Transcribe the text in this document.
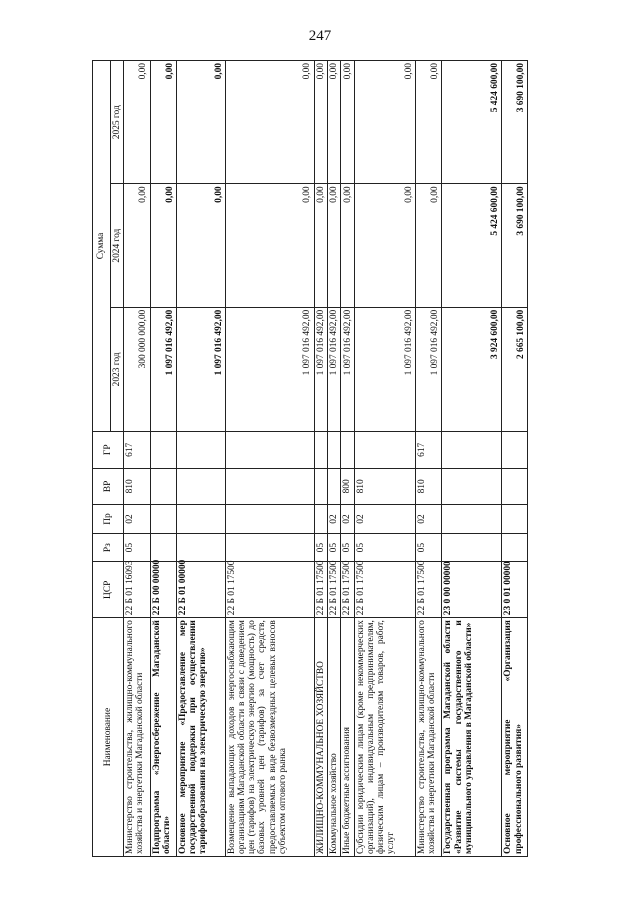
247
Наименование	ЦСР	Рз	Пр	ВР	ГР	Сумма		
						2023 год	2024 год	2025 год
Министерство строительства, жилищно-коммунального хозяйства и энергетики Магаданской области	22 Б 01 16093	05	02	810	617	300 000 000,00	0,00	0,00
Подпрограмма «Энергосбережение Магаданской области»	22 Б 00 00000					1 097 016 492,00	0,00	0,00
Основное мероприятие «Предоставление мер государственной поддержки при осуществлении тарифообразования на электрическую энергию»	22 Б 01 00000					1 097 016 492,00	0,00	0,00
Возмещение выпадающих доходов энергоснабжающим организациям Магаданской области в связи с доведением цен (тарифов) на электрическую энергию (мощность) до базовых уровней цен (тарифов) за счет средств, предоставляемых в виде безвозмездных целевых взносов субъектом оптового рынка	22 Б 01 17500					1 097 016 492,00	0,00	0,00
ЖИЛИЩНО-КОММУНАЛЬНОЕ ХОЗЯЙСТВО	22 Б 01 17500	05				1 097 016 492,00	0,00	0,00
Коммунальное хозяйство	22 Б 01 17500	05	02			1 097 016 492,00	0,00	0,00
Иные бюджетные ассигнования	22 Б 01 17500	05	02	800		1 097 016 492,00	0,00	0,00
Субсидии юридическим лицам (кроме некоммерческих организаций), индивидуальным предпринимателям, физическим лицам – производителям товаров, работ, услуг	22 Б 01 17500	05	02	810		1 097 016 492,00	0,00	0,00
Министерство строительства, жилищно-коммунального хозяйства и энергетики Магаданской области	22 Б 01 17500	05	02	810	617	1 097 016 492,00	0,00	0,00
Государственная программа Магаданской области «Развитие системы государственного и муниципального управления в Магаданской области»	23 0 00 00000					3 924 600,00	5 424 600,00	5 424 600,00
Основное мероприятие «Организация профессионального развития»	23 0 01 00000					2 665 100,00	3 690 100,00	3 690 100,00
